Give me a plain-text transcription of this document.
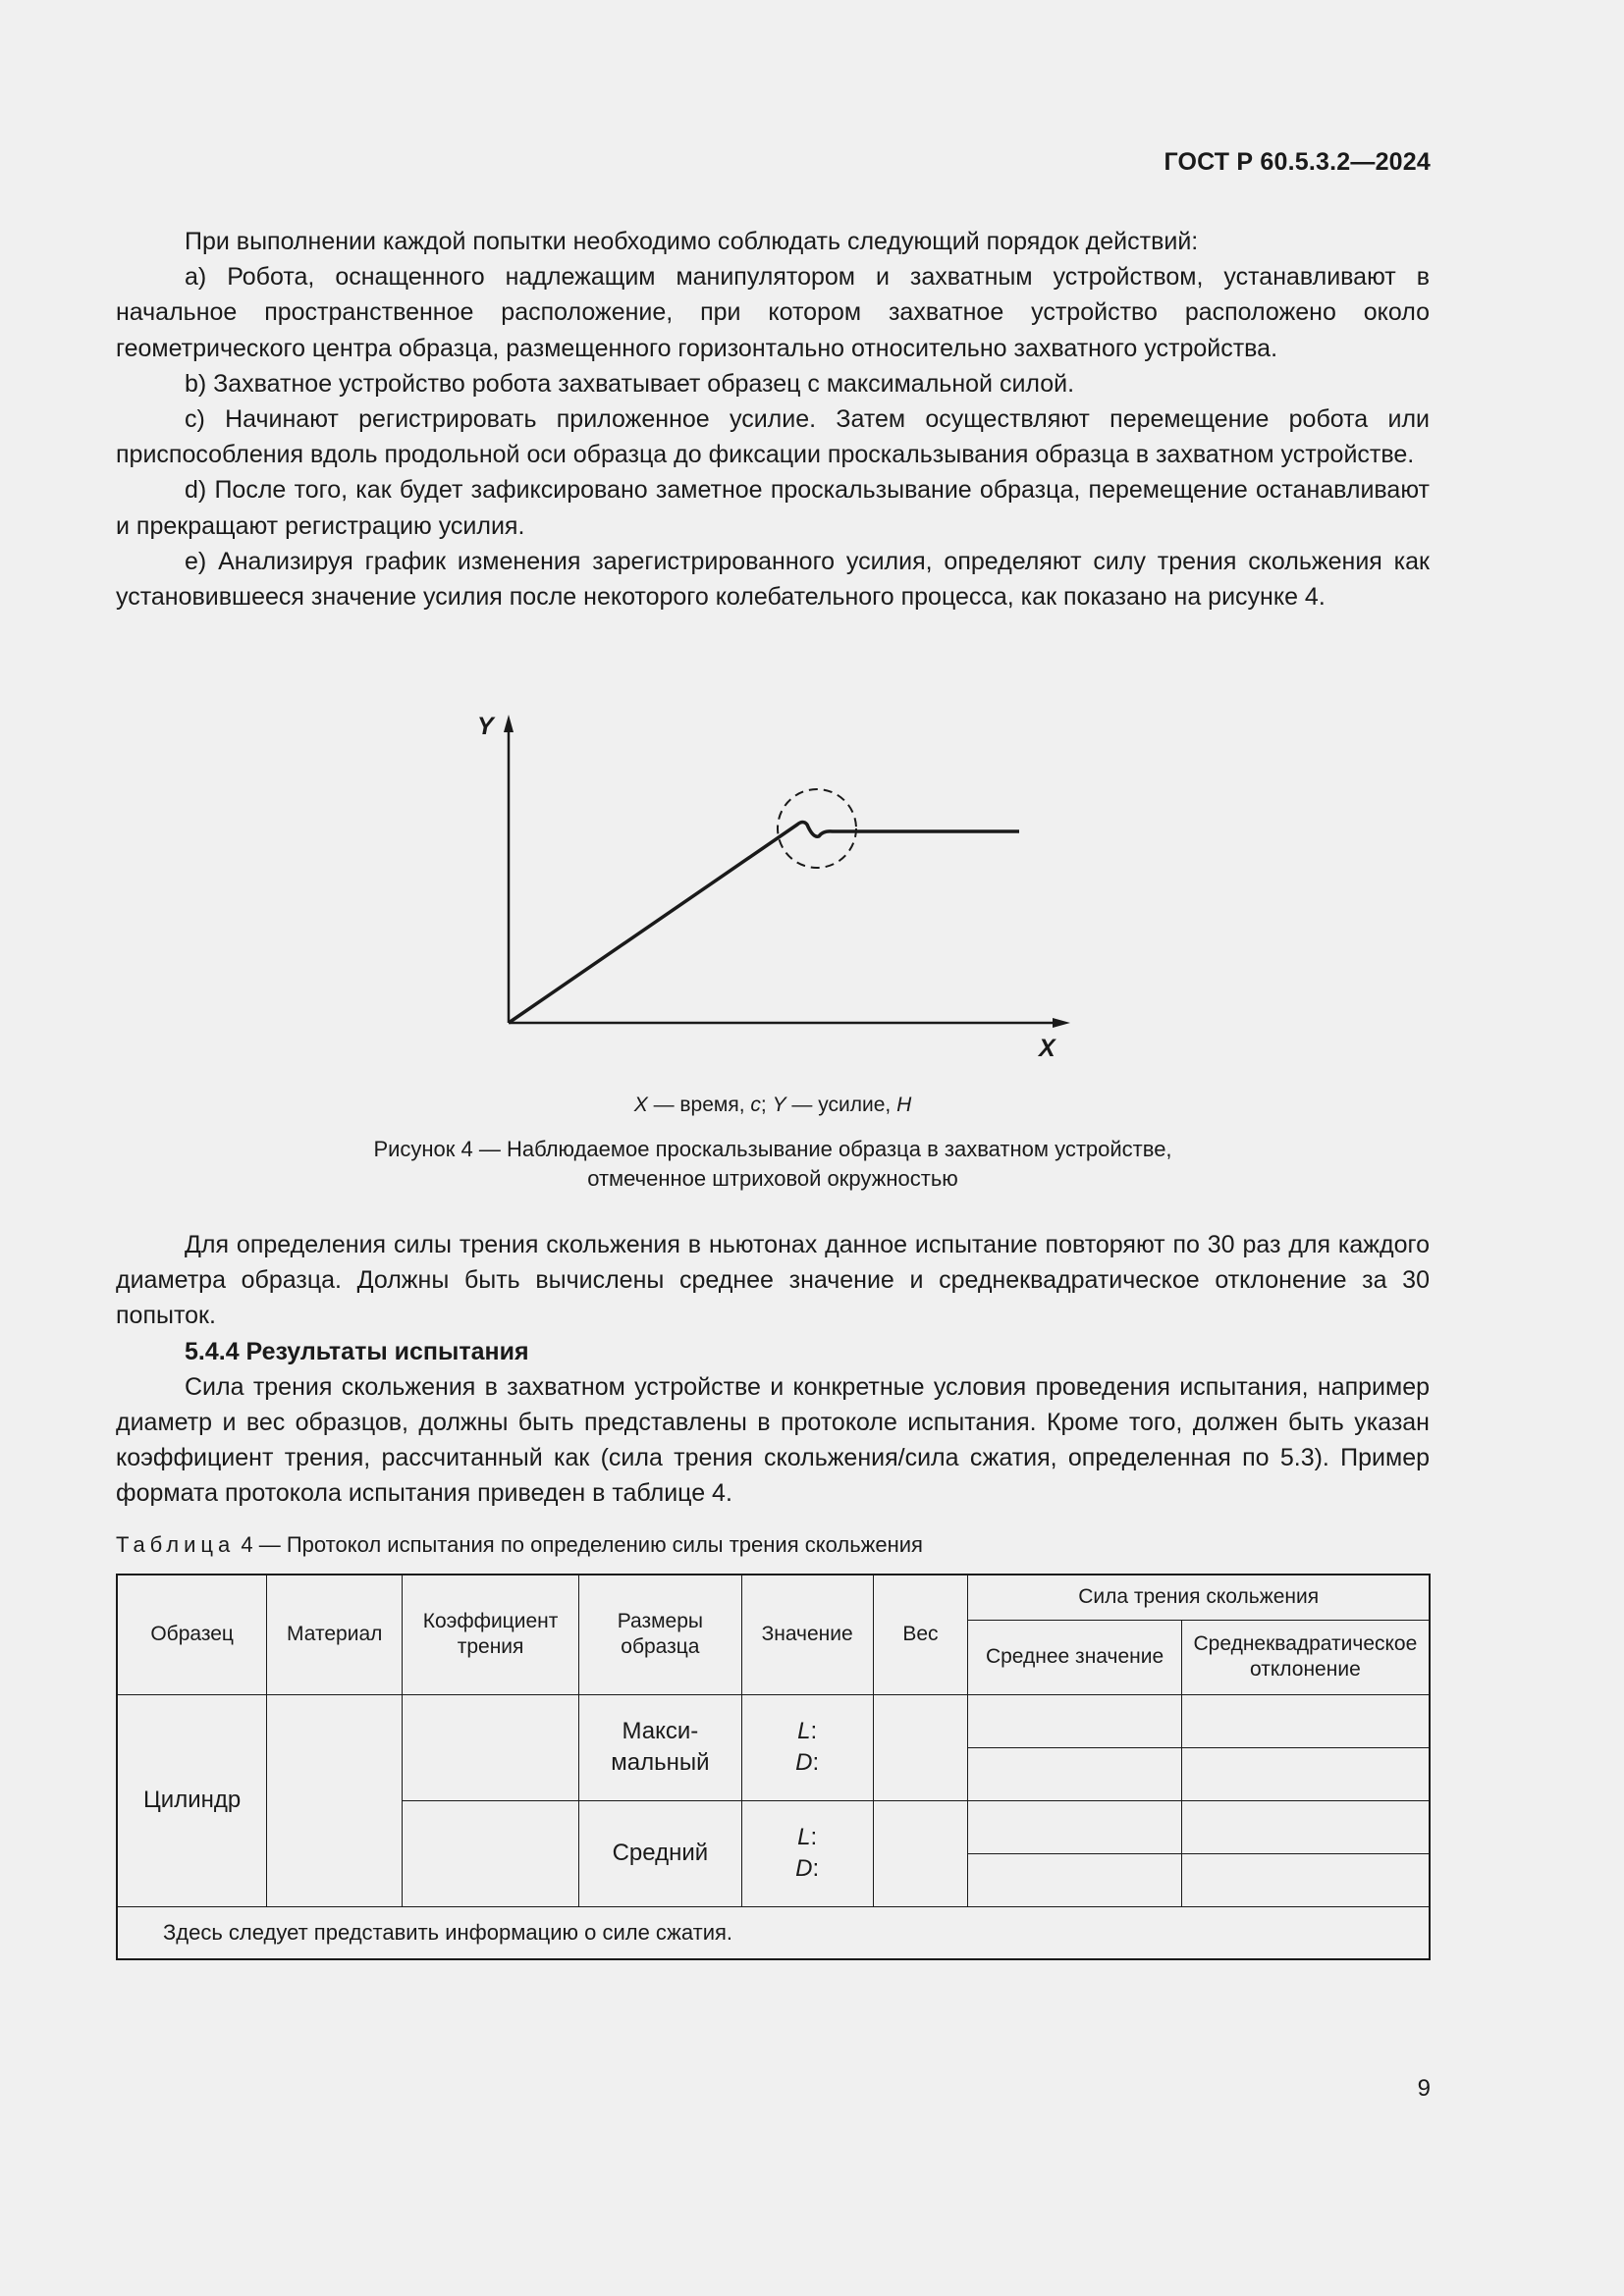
ГОСТ Р 60.5.3.2—2024

При выполнении каждой попытки необходимо соблюдать следующий порядок действий:

a) Робота, оснащенного надлежащим манипулятором и захватным устройством, устанавливают в начальное пространственное расположение, при котором захватное устройство расположено около геометрического центра образца, размещенного горизонтально относительно захватного устройства.

b) Захватное устройство робота захватывает образец с максимальной силой.

c) Начинают регистрировать приложенное усилие. Затем осуществляют перемещение робота или приспособления вдоль продольной оси образца до фиксации проскальзывания образца в захватном устройстве.

d) После того, как будет зафиксировано заметное проскальзывание образца, перемещение останавливают и прекращают регистрацию усилия.

e) Анализируя график изменения зарегистрированного усилия, определяют силу трения скольжения как установившееся значение усилия после некоторого колебательного процесса, как показано на рисунке 4.

Y
X
X — время, с; Y — усилие, Н
Рисунок 4 — Наблюдаемое проскальзывание образца в захватном устройстве,
отмеченное штриховой окружностью

Для определения силы трения скольжения в ньютонах данное испытание повторяют по 30 раз для каждого диаметра образца. Должны быть вычислены среднее значение и среднеквадратическое отклонение за 30 попыток.

5.4.4 Результаты испытания

Сила трения скольжения в захватном устройстве и конкретные условия проведения испытания, например диаметр и вес образцов, должны быть представлены в протоколе испытания. Кроме того, должен быть указан коэффициент трения, рассчитанный как (сила трения скольжения/сила сжатия, определенная по 5.3). Пример формата протокола испытания приведен в таблице 4.

Таблица 4 — Протокол испытания по определению силы трения скольжения
Образец	Материал	Коэффициент трения	Размеры образца	Значение	Вес	Сила трения скольжения	
						Среднее значение	Среднеквадратическое отклонение
Цилиндр			Максимальный	L:
D:			

			Средний	L:
D:			

Здесь следует представить информацию о силе сжатия.							
9
